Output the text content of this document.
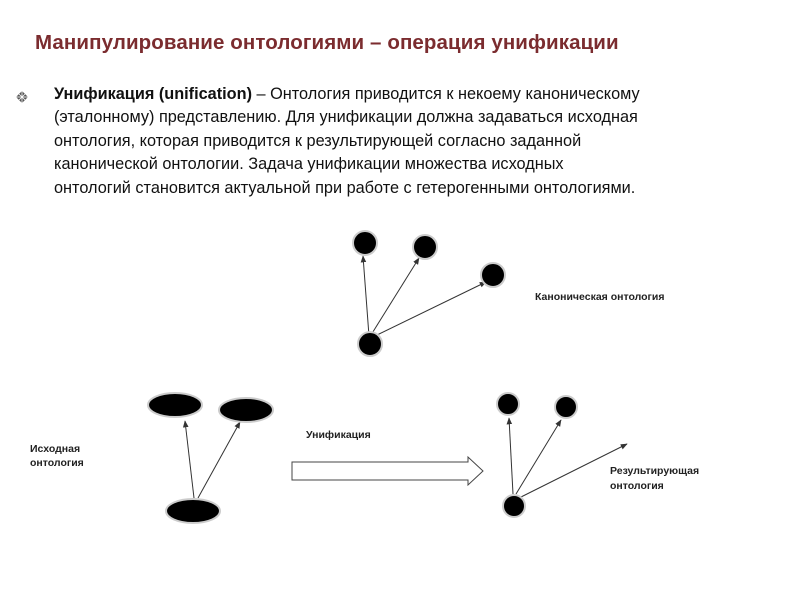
Манипулирование онтологиями – операция унификации
Унификация (unification) – Онтология приводится к некоему каноническому
(эталонному) представлению. Для унификации должна задаваться исходная
онтология, которая приводится к результирующей согласно заданной
канонической онтологии. Задача унификации множества исходных
онтологий становится актуальной при работе с гетерогенными онтологиями.
Каноническая онтология
Исходная
онтология
Унификация
Результирующая
онтология
